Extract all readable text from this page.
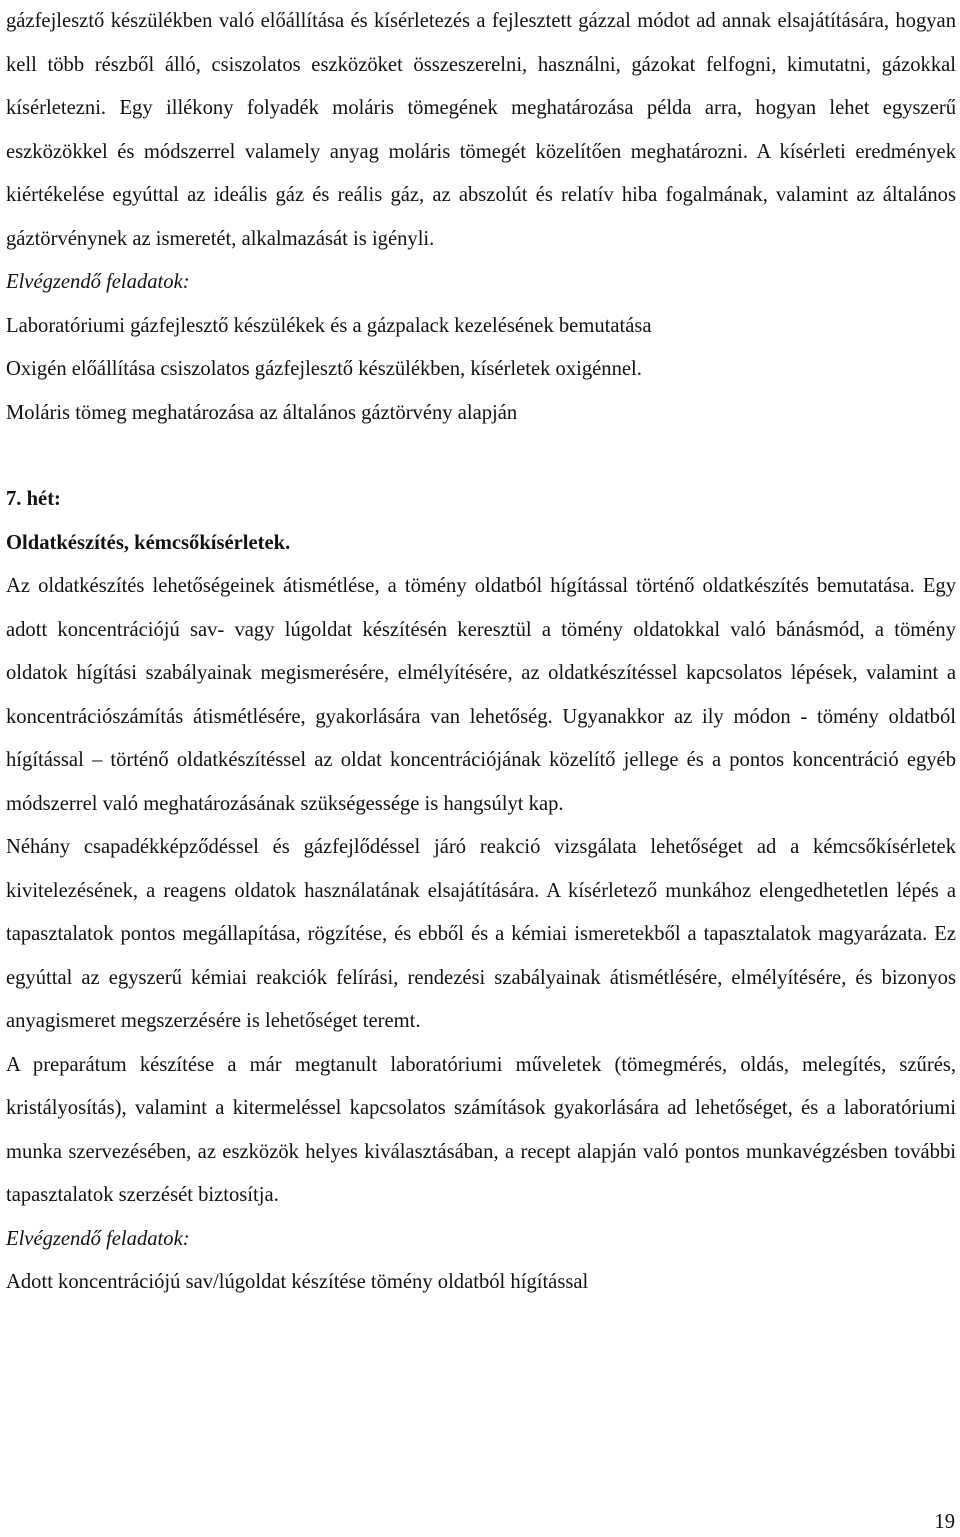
gázfejlesztő készülékben való előállítása és kísérletezés a fejlesztett gázzal módot ad annak elsajátítására, hogyan kell több részből álló, csiszolatos eszközöket összeszerelni, használni, gázokat felfogni, kimutatni, gázokkal kísérletezni. Egy illékony folyadék moláris tömegének meghatározása példa arra, hogyan lehet egyszerű eszközökkel és módszerrel valamely anyag moláris tömegét közelítően meghatározni. A kísérleti eredmények kiértékelése egyúttal az ideális gáz és reális gáz, az abszolút és relatív hiba fogalmának, valamint az általános gáztörvénynek az ismeretét, alkalmazását is igényli.

Elvégzendő feladatok:

Laboratóriumi gázfejlesztő készülékek és a gázpalack kezelésének bemutatása

Oxigén előállítása csiszolatos gázfejlesztő készülékben, kísérletek oxigénnel.

Moláris tömeg meghatározása az általános gáztörvény alapján

7. hét:

Oldatkészítés, kémcsőkísérletek.

Az oldatkészítés lehetőségeinek átismétlése, a tömény oldatból hígítással történő oldatkészítés bemutatása. Egy adott koncentrációjú sav- vagy lúgoldat készítésén keresztül a tömény oldatokkal való bánásmód, a tömény oldatok hígítási szabályainak megismerésére, elmélyítésére, az oldatkészítéssel kapcsolatos lépések, valamint a koncentrációszámítás átismétlésére, gyakorlására van lehetőség. Ugyanakkor az ily módon - tömény oldatból hígítással – történő oldatkészítéssel az oldat koncentrációjának közelítő jellege és a pontos koncentráció egyéb módszerrel való meghatározásának szükségessége is hangsúlyt kap.

Néhány csapadékképződéssel és gázfejlődéssel járó reakció vizsgálata lehetőséget ad a kémcsőkísérletek kivitelezésének, a reagens oldatok használatának elsajátítására. A kísérletező munkához elengedhetetlen lépés a tapasztalatok pontos megállapítása, rögzítése, és ebből és a kémiai ismeretekből a tapasztalatok magyarázata. Ez egyúttal az egyszerű kémiai reakciók felírási, rendezési szabályainak átismétlésére, elmélyítésére, és bizonyos anyagismeret megszerzésére is lehetőséget teremt.

A preparátum készítése a már megtanult laboratóriumi műveletek (tömegmérés, oldás, melegítés, szűrés, kristályosítás), valamint a kitermeléssel kapcsolatos számítások gyakorlására ad lehetőséget, és a laboratóriumi munka szervezésében, az eszközök helyes kiválasztásában, a recept alapján való pontos munkavégzésben további tapasztalatok szerzését biztosítja.

Elvégzendő feladatok:

Adott koncentrációjú sav/lúgoldat készítése tömény oldatból hígítással

19
